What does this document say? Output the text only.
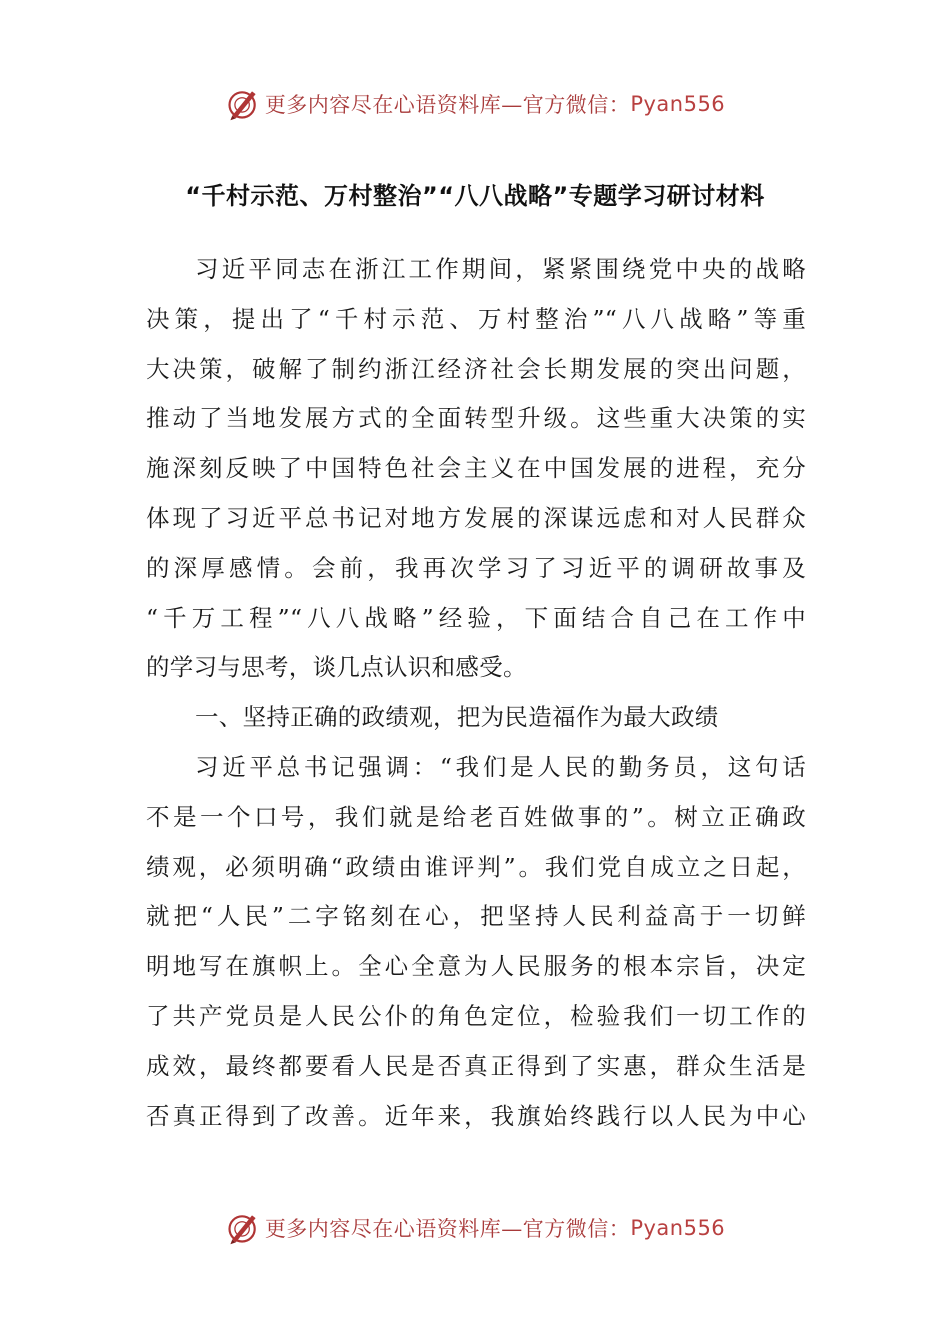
更多内容尽在心语资料库—官方微信： Pyan556
“千村示范、万村整治”“八八战略”专题学习研讨材料
习近平同志在浙江工作期间，紧紧围绕党中央的战略
决策，提出了“千村示范、万村整治”“八八战略”等重
大决策，破解了制约浙江经济社会长期发展的突出问题，
推动了当地发展方式的全面转型升级。这些重大决策的实
施深刻反映了中国特色社会主义在中国发展的进程，充分
体现了习近平总书记对地方发展的深谋远虑和对人民群众
的深厚感情。会前，我再次学习了习近平的调研故事及
“千万工程”“八八战略”经验，下面结合自己在工作中
的学习与思考，谈几点认识和感受。
一、坚持正确的政绩观，把为民造福作为最大政绩
习近平总书记强调：“我们是人民的勤务员，这句话
不是一个口号，我们就是给老百姓做事的”。树立正确政
绩观，必须明确“政绩由谁评判”。我们党自成立之日起，
就把“人民”二字铭刻在心，把坚持人民利益高于一切鲜
明地写在旗帜上。全心全意为人民服务的根本宗旨，决定
了共产党员是人民公仆的角色定位，检验我们一切工作的
成效，最终都要看人民是否真正得到了实惠，群众生活是
否真正得到了改善。近年来，我旗始终践行以人民为中心
更多内容尽在心语资料库—官方微信： Pyan556
